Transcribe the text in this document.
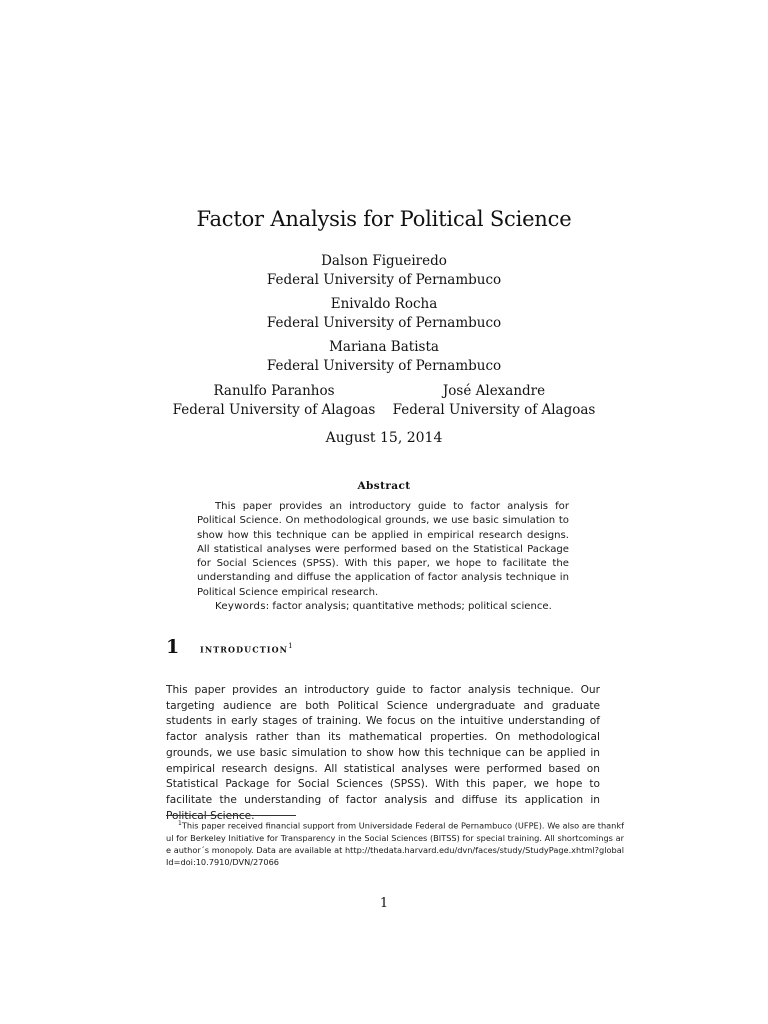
Factor Analysis for Political Science
Dalson Figueiredo
Federal University of Pernambuco
Enivaldo Rocha
Federal University of Pernambuco
Mariana Batista
Federal University of Pernambuco
Ranulfo Paranhos
Federal University of Alagoas
José Alexandre
Federal University of Alagoas
August 15, 2014
Abstract

This paper provides an introductory guide to factor analysis for Political Science. On methodological grounds, we use basic simulation to show how this technique can be applied in empirical research designs. All statistical analyses were performed based on the Statistical Package for Social Sciences (SPSS). With this paper, we hope to facilitate the understanding and diffuse the application of factor analysis technique in Political Science empirical research.

Keywords: factor analysis; quantitative methods; political science.

1 introduction$^1$

This paper provides an introductory guide to factor analysis technique. Our targeting audience are both Political Science undergraduate and graduate students in early stages of training. We focus on the intuitive understanding of factor analysis rather than its mathematical properties. On methodological grounds, we use basic simulation to show how this technique can be applied in empirical research designs. All statistical analyses were performed based on Statistical Package for Social Sciences (SPSS). With this paper, we hope to facilitate the understanding of factor analysis and diffuse its application in Political Science.

$^1$This paper received financial support from Universidade Federal de Pernambuco (UFPE). We also are thankful for Berkeley Initiative for Transparency in the Social Sciences (BITSS) for special training. All shortcomings are author´s monopoly. Data are available at http://thedata.harvard.edu/dvn/faces/study/StudyPage.xhtml?globalId=doi:10.7910/DVN/27066

1
